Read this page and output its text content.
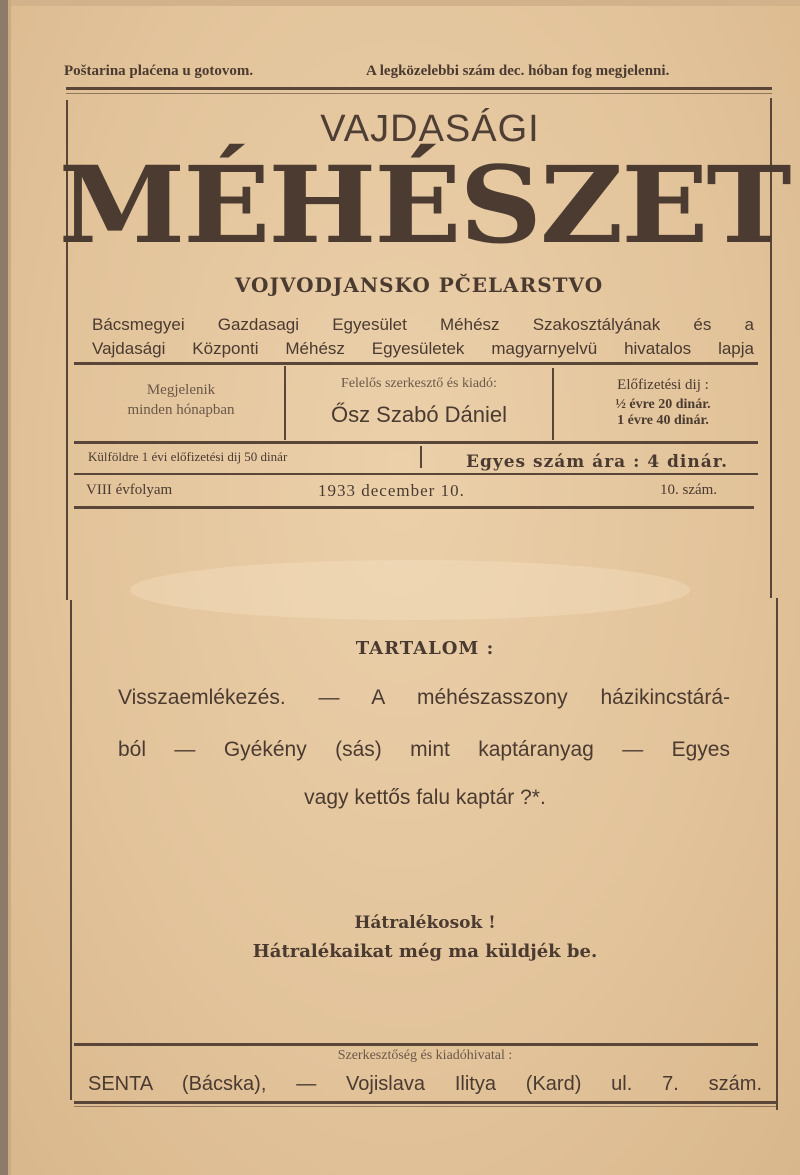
Poštarina plaćena u gotovom.	A legközelebbi szám dec. hóban fog megjelenni.
VAJDASÁGI
MÉHÉSZET
VOJVODJANSKO PČELARSTVO
Bácsmegyei Gazdasagi Egyesület Méhész Szakosztályának és a
Vajdasági Központi Méhész Egyesületek magyarnyelvü hivatalos lapja
Megjelenik
minden hónapban
Felelős szerkesztő és kiadó:
Ősz Szabó Dániel
Előfizetési dij :
½ évre 20 dinár.
1 évre 40 dinár.
Külföldre 1 évi előfizetési dij 50 dinár	Egyes szám ára : 4 dinár.
VIII évfolyam	1933 december 10.	10. szám.
TARTALOM :
Visszaemlékezés. — A méhészasszony házikincstárá-
ból — Gyékény (sás) mint kaptáranyag — Egyes
vagy kettős falu kaptár ?*.
Hátralékosok !
Hátralékaikat még ma küldjék be.
Szerkesztőség és kiadóhivatal :
SENTA (Bácska), — Vojislava Ilitya (Kard) ul. 7. szám.
